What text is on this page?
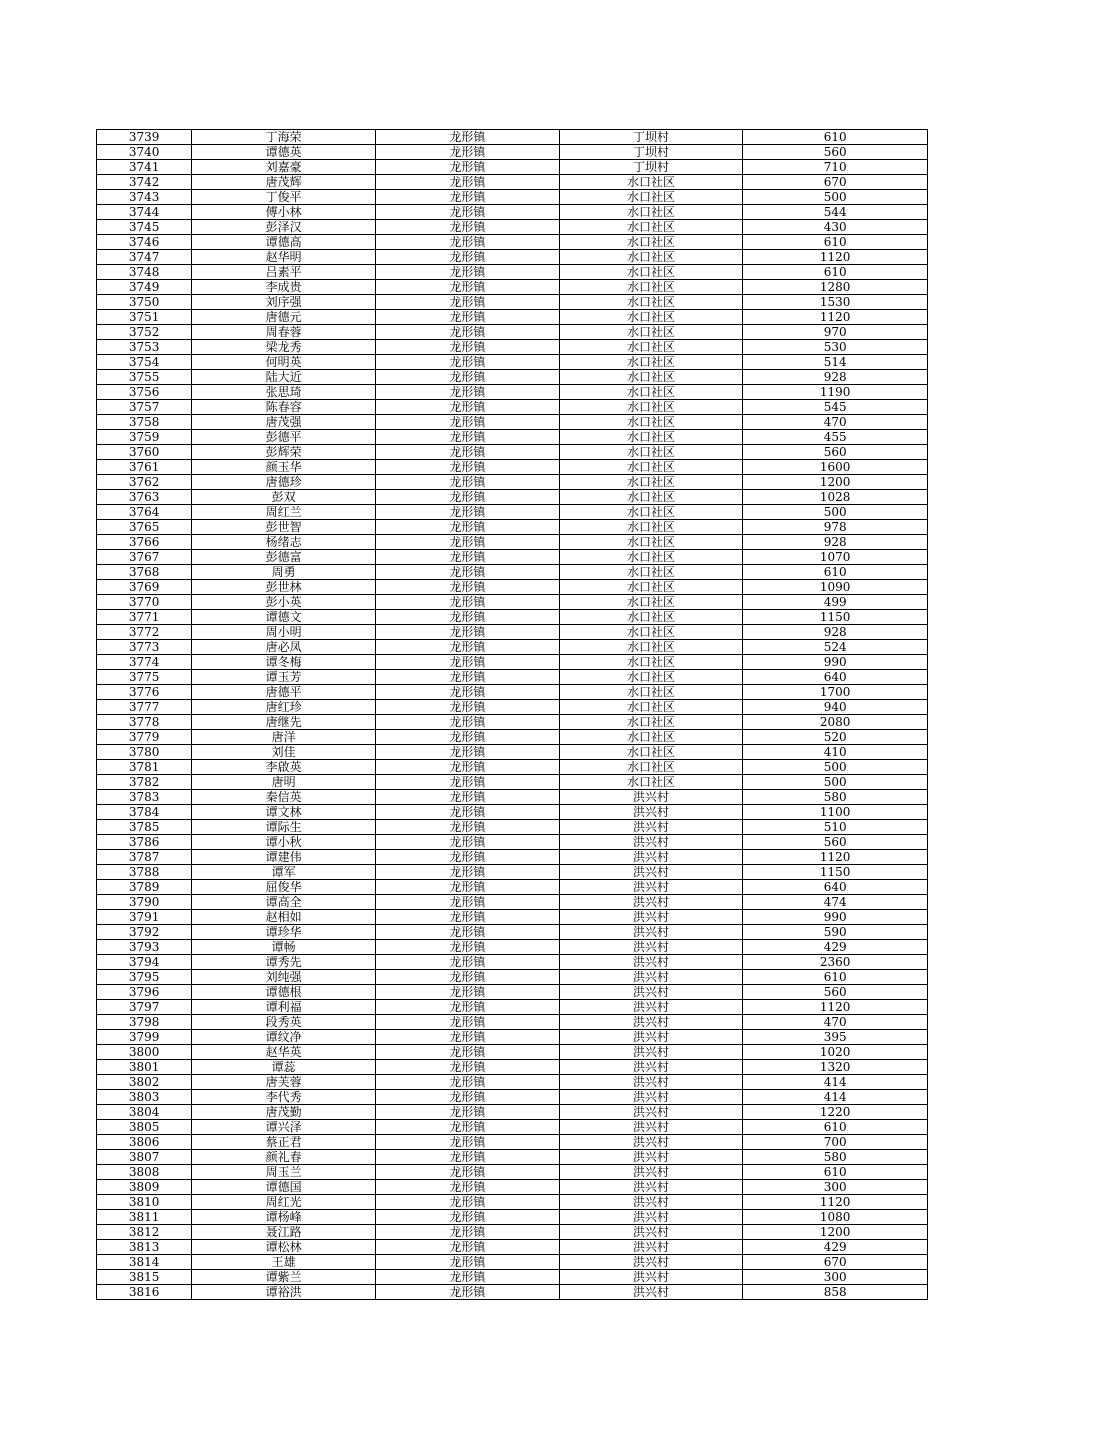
3739	丁海荣	龙形镇	丁坝村	610
3740	谭德英	龙形镇	丁坝村	560
3741	刘嘉豪	龙形镇	丁坝村	710
3742	唐茂辉	龙形镇	水口社区	670
3743	丁俊平	龙形镇	水口社区	500
3744	傅小林	龙形镇	水口社区	544
3745	彭泽汉	龙形镇	水口社区	430
3746	谭德高	龙形镇	水口社区	610
3747	赵华明	龙形镇	水口社区	1120
3748	吕素平	龙形镇	水口社区	610
3749	李成贵	龙形镇	水口社区	1280
3750	刘序强	龙形镇	水口社区	1530
3751	唐德元	龙形镇	水口社区	1120
3752	周春蓉	龙形镇	水口社区	970
3753	梁龙秀	龙形镇	水口社区	530
3754	何明英	龙形镇	水口社区	514
3755	陆大近	龙形镇	水口社区	928
3756	张思琦	龙形镇	水口社区	1190
3757	陈春容	龙形镇	水口社区	545
3758	唐茂强	龙形镇	水口社区	470
3759	彭德平	龙形镇	水口社区	455
3760	彭辉荣	龙形镇	水口社区	560
3761	颜玉华	龙形镇	水口社区	1600
3762	唐德珍	龙形镇	水口社区	1200
3763	彭双	龙形镇	水口社区	1028
3764	周红兰	龙形镇	水口社区	500
3765	彭世智	龙形镇	水口社区	978
3766	杨绪志	龙形镇	水口社区	928
3767	彭德富	龙形镇	水口社区	1070
3768	周勇	龙形镇	水口社区	610
3769	彭世林	龙形镇	水口社区	1090
3770	彭小英	龙形镇	水口社区	499
3771	谭德文	龙形镇	水口社区	1150
3772	周小明	龙形镇	水口社区	928
3773	唐必凤	龙形镇	水口社区	524
3774	谭冬梅	龙形镇	水口社区	990
3775	谭玉芳	龙形镇	水口社区	640
3776	唐德平	龙形镇	水口社区	1700
3777	唐红珍	龙形镇	水口社区	940
3778	唐继先	龙形镇	水口社区	2080
3779	唐洋	龙形镇	水口社区	520
3780	刘佳	龙形镇	水口社区	410
3781	李啟英	龙形镇	水口社区	500
3782	唐明	龙形镇	水口社区	500
3783	秦信英	龙形镇	洪兴村	580
3784	谭文林	龙形镇	洪兴村	1100
3785	谭际生	龙形镇	洪兴村	510
3786	谭小秋	龙形镇	洪兴村	560
3787	谭建伟	龙形镇	洪兴村	1120
3788	谭军	龙形镇	洪兴村	1150
3789	屈俊华	龙形镇	洪兴村	640
3790	谭高全	龙形镇	洪兴村	474
3791	赵相如	龙形镇	洪兴村	990
3792	谭珍华	龙形镇	洪兴村	590
3793	谭畅	龙形镇	洪兴村	429
3794	谭秀先	龙形镇	洪兴村	2360
3795	刘纯强	龙形镇	洪兴村	610
3796	谭德根	龙形镇	洪兴村	560
3797	谭利福	龙形镇	洪兴村	1120
3798	段秀英	龙形镇	洪兴村	470
3799	谭纹净	龙形镇	洪兴村	395
3800	赵华英	龙形镇	洪兴村	1020
3801	谭蕊	龙形镇	洪兴村	1320
3802	唐芙蓉	龙形镇	洪兴村	414
3803	李代秀	龙形镇	洪兴村	414
3804	唐茂勤	龙形镇	洪兴村	1220
3805	谭兴泽	龙形镇	洪兴村	610
3806	蔡正君	龙形镇	洪兴村	700
3807	颜礼春	龙形镇	洪兴村	580
3808	周玉兰	龙形镇	洪兴村	610
3809	谭德国	龙形镇	洪兴村	300
3810	周红光	龙形镇	洪兴村	1120
3811	谭杨峰	龙形镇	洪兴村	1080
3812	聂江路	龙形镇	洪兴村	1200
3813	谭松林	龙形镇	洪兴村	429
3814	王雄	龙形镇	洪兴村	670
3815	谭紫兰	龙形镇	洪兴村	300
3816	谭裕洪	龙形镇	洪兴村	858
